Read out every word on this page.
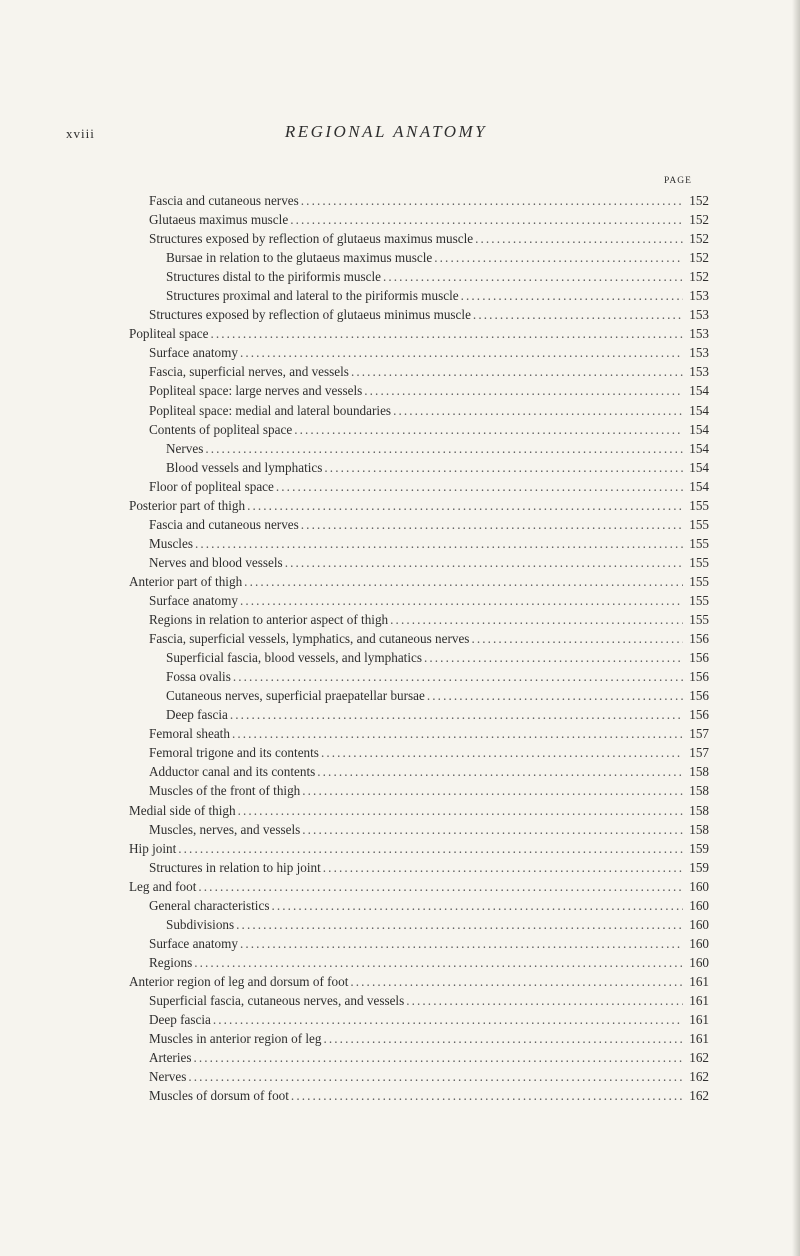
xviii	REGIONAL ANATOMY
PAGE
Fascia and cutaneous nerves . . .	152
Glutaeus maximus muscle . . .	152
Structures exposed by reflection of glutaeus maximus muscle . . .	152
Bursae in relation to the glutaeus maximus muscle . . .	152
Structures distal to the piriformis muscle . . .	152
Structures proximal and lateral to the piriformis muscle . . .	153
Structures exposed by reflection of glutaeus minimus muscle . . .	153
Popliteal space . . .	153
Surface anatomy . . .	153
Fascia, superficial nerves, and vessels . . .	153
Popliteal space: large nerves and vessels . . .	154
Popliteal space: medial and lateral boundaries . . .	154
Contents of popliteal space . . .	154
Nerves . . .	154
Blood vessels and lymphatics . . .	154
Floor of popliteal space . . .	154
Posterior part of thigh . . .	155
Fascia and cutaneous nerves . . .	155
Muscles . . .	155
Nerves and blood vessels . . .	155
Anterior part of thigh . . .	155
Surface anatomy . . .	155
Regions in relation to anterior aspect of thigh . . .	155
Fascia, superficial vessels, lymphatics, and cutaneous nerves . . .	156
Superficial fascia, blood vessels, and lymphatics . . .	156
Fossa ovalis . . .	156
Cutaneous nerves, superficial praepatellar bursae . . .	156
Deep fascia . . .	156
Femoral sheath . . .	157
Femoral trigone and its contents . . .	157
Adductor canal and its contents . . .	158
Muscles of the front of thigh . . .	158
Medial side of thigh . . .	158
Muscles, nerves, and vessels . . .	158
Hip joint . . .	159
Structures in relation to hip joint . . .	159
Leg and foot . . .	160
General characteristics . . .	160
Subdivisions . . .	160
Surface anatomy . . .	160
Regions . . .	160
Anterior region of leg and dorsum of foot . . .	161
Superficial fascia, cutaneous nerves, and vessels . . .	161
Deep fascia . . .	161
Muscles in anterior region of leg . . .	161
Arteries . . .	162
Nerves . . .	162
Muscles of dorsum of foot . . .	162
